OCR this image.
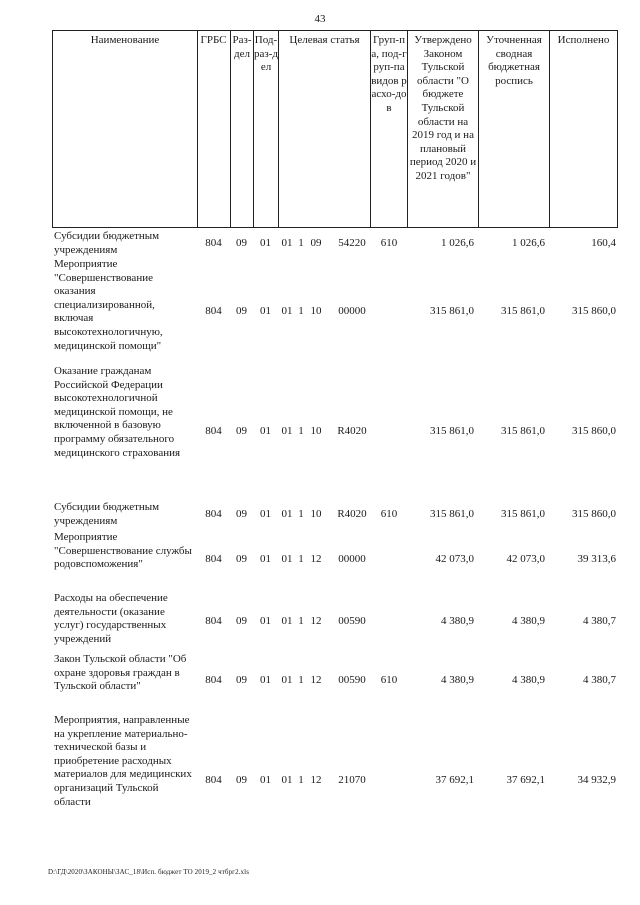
43
Наименование	ГРБС Раз-дел
Под-раз-дел
Целевая статья	Груп-па, под-груп-па видов расхо-дов
Утверждено Законом Тульской области "О бюджете Тульской области на 2019 год и на плановый период 2020 и 2021 годов"
Уточненная сводная бюджетная роспись
Исполнено
Субсидии бюджетным учреждениям
804	09	01 01 1 09	54220	610	1 026,6	1 026,6	160,4
Мероприятие "Совершенствование оказания специализированной, включая высокотехнологичную, медицинской помощи"
804	09	01 01 1 10	00000	315 861,0	315 861,0	315 860,0
Оказание гражданам Российской Федерации высокотехнологичной медицинской помощи, не включенной в базовую программу обязательного медицинского страхования
804	09	01 01 1 10	R4020	315 861,0	315 861,0	315 860,0
Субсидии бюджетным учреждениям
804	09	01 01 1 10	R4020	610	315 861,0	315 861,0	315 860,0
Мероприятие "Совершенствование службы родовспоможения"	804	09	01 01 1 12	00000	42 073,0	42 073,0	39 313,6
Расходы на обеспечение деятельности (оказание услуг) государственных учреждений
804	09	01 01 1 12	00590	4 380,9	4 380,9	4 380,7
Закон Тульской области "Об охране здоровья граждан в Тульской области"
804	09	01 01 1 12	00590	610	4 380,9	4 380,9	4 380,7
Мероприятия, направленные на укрепление материально-технической базы и приобретение расходных материалов для медицинских организаций Тульской области
804	09	01 01 1 12	21070	37 692,1	37 692,1	34 932,9
D:\ГД\2020\ЗАКОНЫ\ЗАС_18\Исп. бюджет ТО 2019_2 чтбрг2.xls
